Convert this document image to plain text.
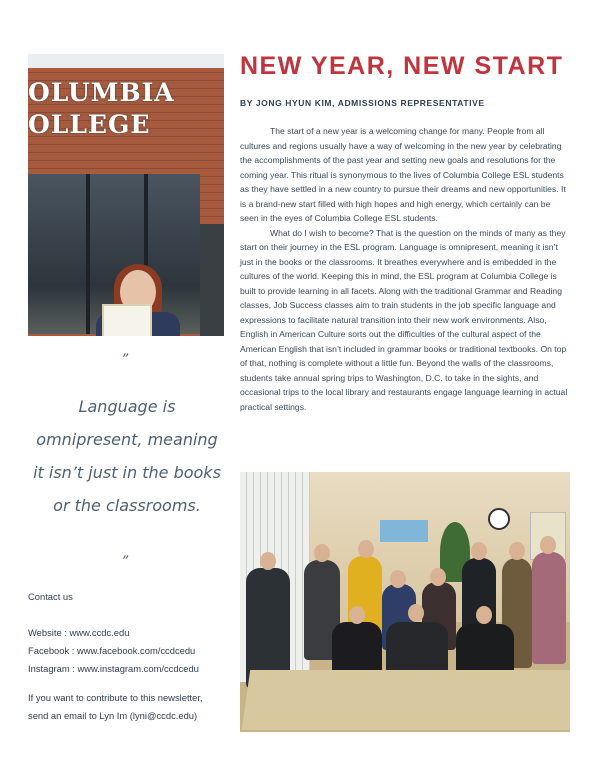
OLUMBIA
OLLEGE
NEW YEAR, NEW START

BY JONG HYUN KIM, ADMISSIONS REPRESENTATIVE

The start of a new year is a welcoming change for many. People from all cultures and regions usually have a way of welcoming in the new year by celebrating the accomplishments of the past year and setting new goals and resolutions for the coming year. This ritual is synonymous to the lives of Columbia College ESL students as they have settled in a new country to pursue their dreams and new opportunities. It is a brand-new start filled with high hopes and high energy, which certainly can be seen in the eyes of Columbia College ESL students.

What do I wish to become? That is the question on the minds of many as they start on their journey in the ESL program. Language is omnipresent, meaning it isn’t just in the books or the classrooms. It breathes everywhere and is embedded in the cultures of the world. Keeping this in mind, the ESL program at Columbia College is built to provide learning in all facets. Along with the traditional Grammar and Reading classes, Job Success classes aim to train students in the job specific language and expressions to facilitate natural transition into their new work environments. Also, English in American Culture sorts out the difficulties of the cultural aspect of the American English that isn’t included in grammar books or traditional textbooks. On top of that, nothing is complete without a little fun. Beyond the walls of the classrooms, students take annual spring trips to Washington, D.C. to take in the sights, and occasional trips to the local library and restaurants engage language learning in actual practical settings.

”

Language is omnipresent, meaning it isn’t just in the books or the classrooms.

”
Contact us
Website : www.ccdc.edu
Facebook : www.facebook.com/ccdcedu
Instagram : www.instagram.com/ccdcedu
If you want to contribute to this newsletter,
send an email to Lyn Im (lyni@ccdc.edu)
